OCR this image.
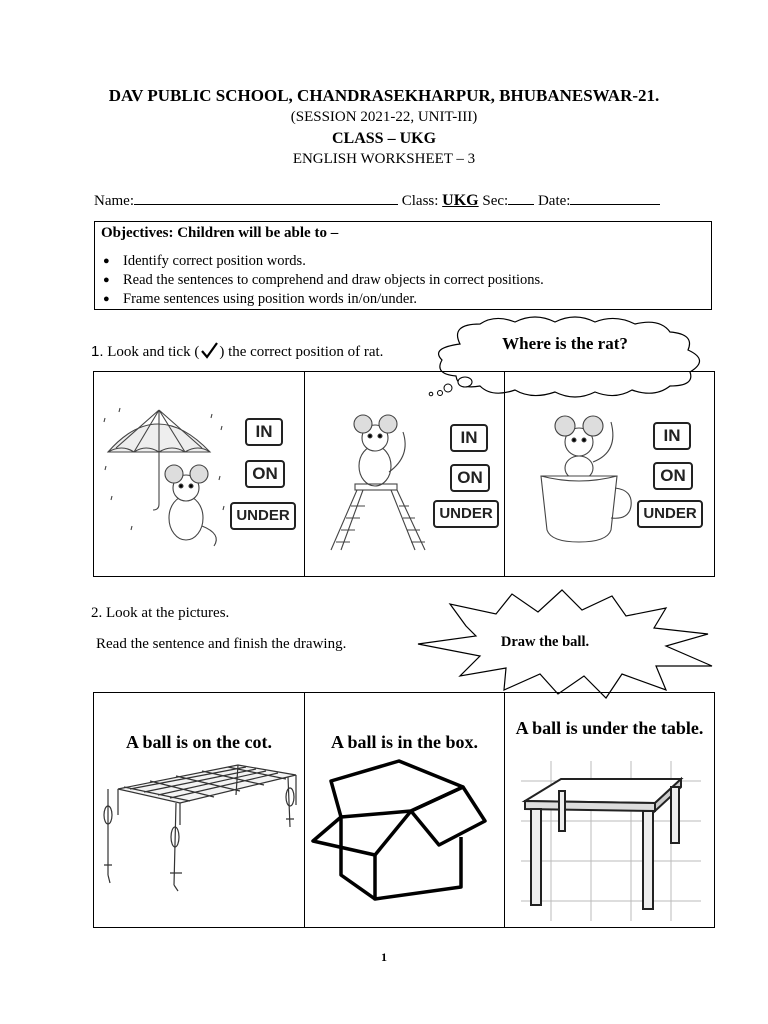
DAV PUBLIC SCHOOL, CHANDRASEKHARPUR, BHUBANESWAR-21.
(SESSION 2021-22, UNIT-III)
CLASS – UKG
ENGLISH WORKSHEET – 3
Name:	Class: UKG Sec: Date:
Objectives: Children will be able to –
● Identify correct position words.
● Read the sentences to comprehend and draw objects in correct positions.
● Frame sentences using position words in/on/under.
1. Look and tick ( ) the correct position of rat.	Where is the rat?
IN
ON
UNDER
IN
ON
UNDER
IN
ON
UNDER
2. Look at the pictures.
Read the sentence and finish the drawing.	Draw the ball.
A ball is on the cot.	A ball is in the box.
A ball is under the table.
1
